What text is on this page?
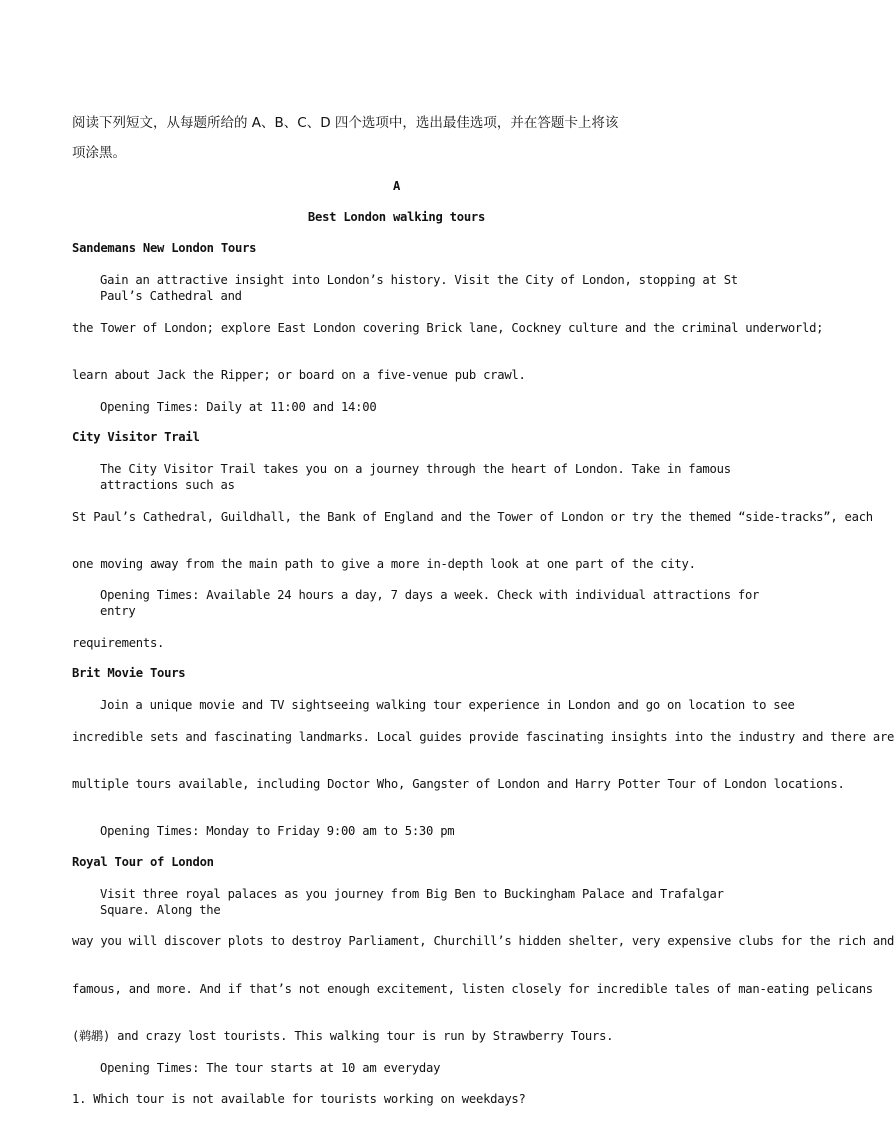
阅读下列短文，从每题所给的 A、B、C、D 四个选项中，选出最佳选项，并在答题卡上将该
项涂黑。
A
Best London walking tours
Sandemans New London Tours
Gain an attractive insight into London’s history. Visit the City of London, stopping at St Paul’s Cathedral and
the Tower of London; explore East London covering Brick lane, Cockney culture and the criminal underworld;
learn about Jack the Ripper; or board on a five-venue pub crawl.
Opening Times: Daily at 11:00 and 14:00
City Visitor Trail
The City Visitor Trail takes you on a journey through the heart of London. Take in famous attractions such as
St Paul’s Cathedral, Guildhall, the Bank of England and the Tower of London or try the themed “side-tracks”, each
one moving away from the main path to give a more in-depth look at one part of the city.
Opening Times: Available 24 hours a day, 7 days a week. Check with individual attractions for entry
requirements.
Brit Movie Tours
Join a unique movie and TV sightseeing walking tour experience in London and go on location to see
incredible sets and fascinating landmarks. Local guides provide fascinating insights into the industry and there are
multiple tours available, including Doctor Who, Gangster of London and Harry Potter Tour of London locations.
Opening Times: Monday to Friday 9:00 am to 5:30 pm
Royal Tour of London
Visit three royal palaces as you journey from Big Ben to Buckingham Palace and Trafalgar Square. Along the
way you will discover plots to destroy Parliament, Churchill’s hidden shelter, very expensive clubs for the rich and
famous, and more. And if that’s not enough excitement, listen closely for incredible tales of man-eating pelicans
(鹈鹕) and crazy lost tourists. This walking tour is run by Strawberry Tours.
Opening Times: The tour starts at 10 am everyday
1. Which tour is not available for tourists working on weekdays?
